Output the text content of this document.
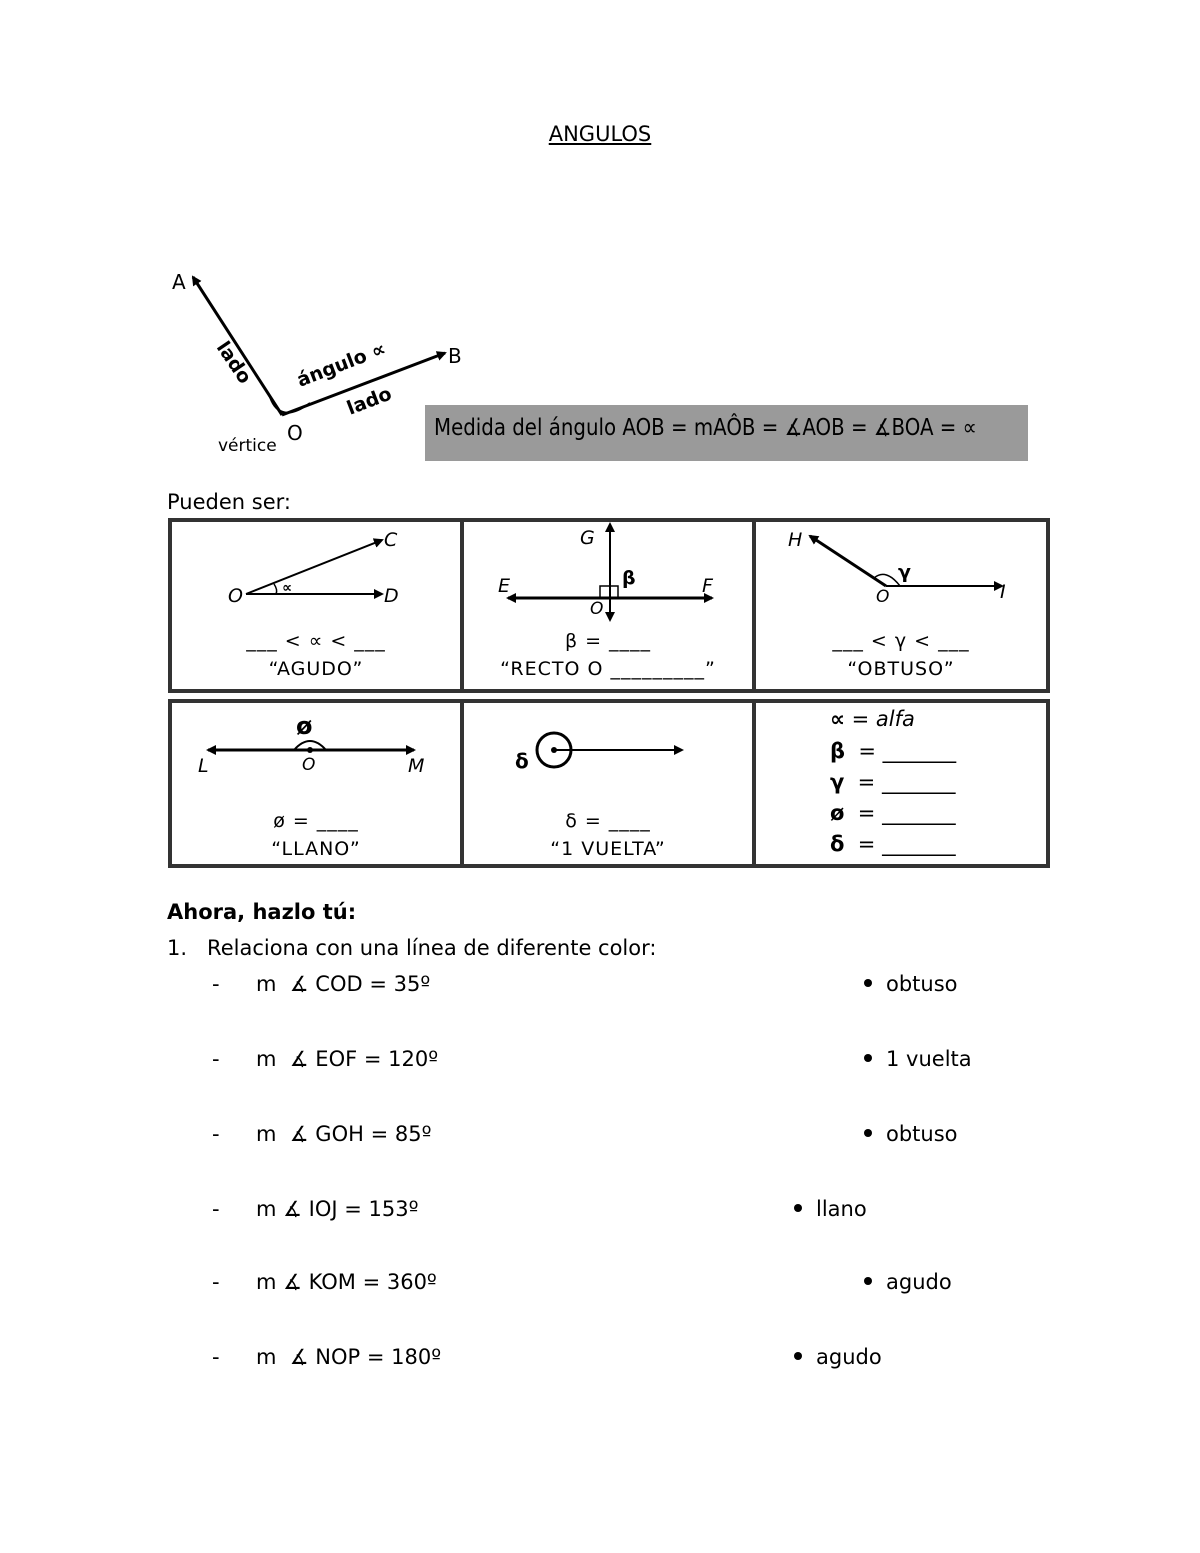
ANGULOS
A
B
O
lado
lado
ángulo ∝
vértice
Medida del ángulo AOB = mAÔB = ∡AOB = ∡BOA = ∝
Pueden ser:
C
D
O	∝
G
E	F
O
β
H
I
O
γ
L	M
O
ø
δ
___ < ∝ < ___
“AGUDO”
β = ____
“RECTO O _________”
___ < γ < ___
“OBTUSO”
ø = ____
“LLANO”
δ = ____
“1 VUELTA”
∝ = alfa
β = _______
γ = _______
ø = _______
δ = _______
Ahora, hazlo tú:
1.   Relaciona con una línea de diferente color:
- m  ∡ COD = 35º	obtuso
- m  ∡ EOF = 120º	1 vuelta
- m  ∡ GOH = 85º	obtuso
- m ∡ IOJ = 153º	llano
- m ∡ KOM = 360º	agudo
- m  ∡ NOP = 180º	agudo
